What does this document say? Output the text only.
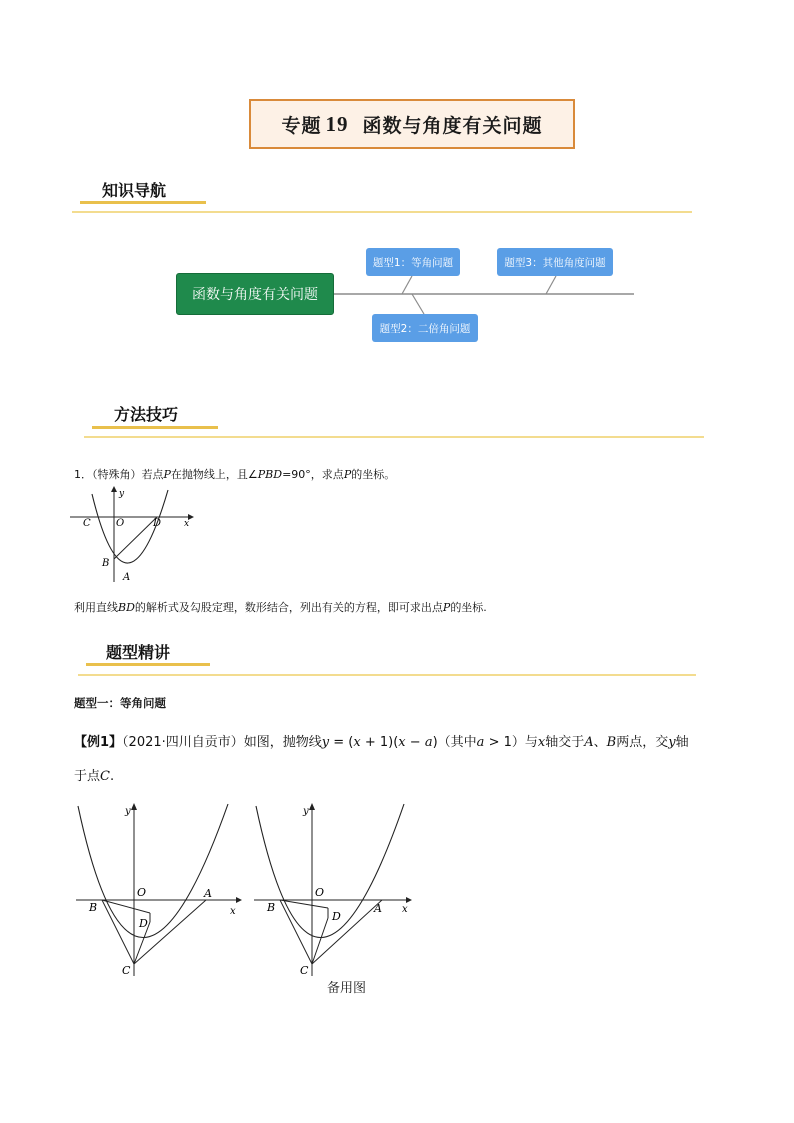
专题 19 函数与角度有关问题
知识导航
函数与角度有关问题
题型1：等角问题
题型2：二倍角问题
题型3：其他角度问题
方法技巧
1．（特殊角）若点P在抛物线上，且∠PBD=90°，求点P的坐标。
y
x
C	O	D
B
A
利用直线BD的解析式及勾股定理，数形结合，列出有关的方程，即可求出点P的坐标.
题型精讲
题型一：等角问题
【例1】（2021·四川自贡市）如图，抛物线y = (x + 1)(x − a)（其中a > 1）与x轴交于A、B两点，交y轴
于点C.
y
x
O	A
B
C
D
y
x
O
A
B
C
D
备用图
